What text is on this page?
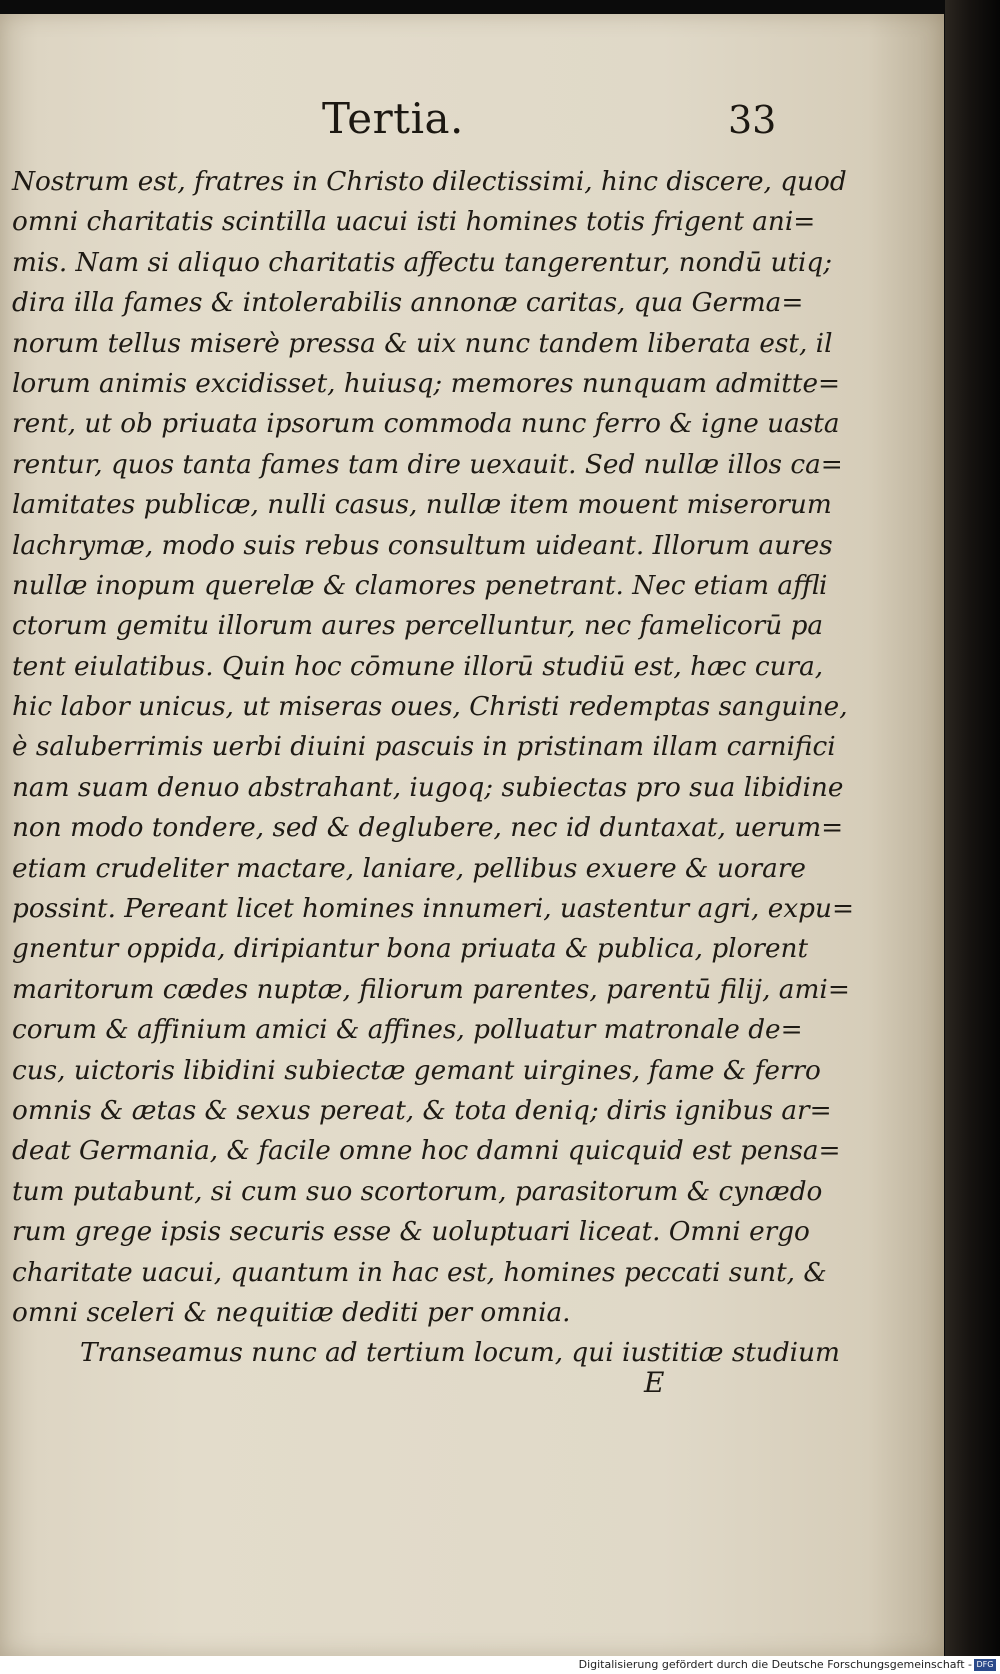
Tertia.	33
Nostrum est, fratres in Christo dilectissimi, hinc discere, quod
omni charitatis scintilla uacui isti homines totis frigent ani=
mis. Nam si aliquo charitatis affectu tangerentur, nondū utiq;
dira illa fames & intolerabilis annonæ caritas, qua Germa=
norum tellus miserè pressa & uix nunc tandem liberata est, il
lorum animis excidisset, huiusq; memores nunquam admitte=
rent, ut ob priuata ipsorum commoda nunc ferro & igne uasta
rentur, quos tanta fames tam dire uexauit. Sed nullæ illos ca=
lamitates publicæ, nulli casus, nullæ item mouent miserorum
lachrymæ, modo suis rebus consultum uideant. Illorum aures
nullæ inopum querelæ & clamores penetrant. Nec etiam affli
ctorum gemitu illorum aures percelluntur, nec famelicorū pa
tent eiulatibus. Quin hoc cōmune illorū studiū est, hæc cura,
hic labor unicus, ut miseras oues, Christi redemptas sanguine,
è saluberrimis uerbi diuini pascuis in pristinam illam carnifici
nam suam denuo abstrahant, iugoq; subiectas pro sua libidine
non modo tondere, sed & deglubere, nec id duntaxat, uerum=
etiam crudeliter mactare, laniare, pellibus exuere & uorare
possint. Pereant licet homines innumeri, uastentur agri, expu=
gnentur oppida, diripiantur bona priuata & publica, plorent
maritorum cædes nuptæ, filiorum parentes, parentū filij, ami=
corum & affinium amici & affines, polluatur matronale de=
cus, uictoris libidini subiectæ gemant uirgines, fame & ferro
omnis & ætas & sexus pereat, & tota deniq; diris ignibus ar=
deat Germania, & facile omne hoc damni quicquid est pensa=
tum putabunt, si cum suo scortorum, parasitorum & cynædo
rum grege ipsis securis esse & uoluptuari liceat. Omni ergo
charitate uacui, quantum in hac est, homines peccati sunt, &
omni sceleri & nequitiæ dediti per omnia.
Transeamus nunc ad tertium locum, qui iustitiæ studium
E
Digitalisierung gefördert durch die Deutsche Forschungsgemeinschaft - DFG
